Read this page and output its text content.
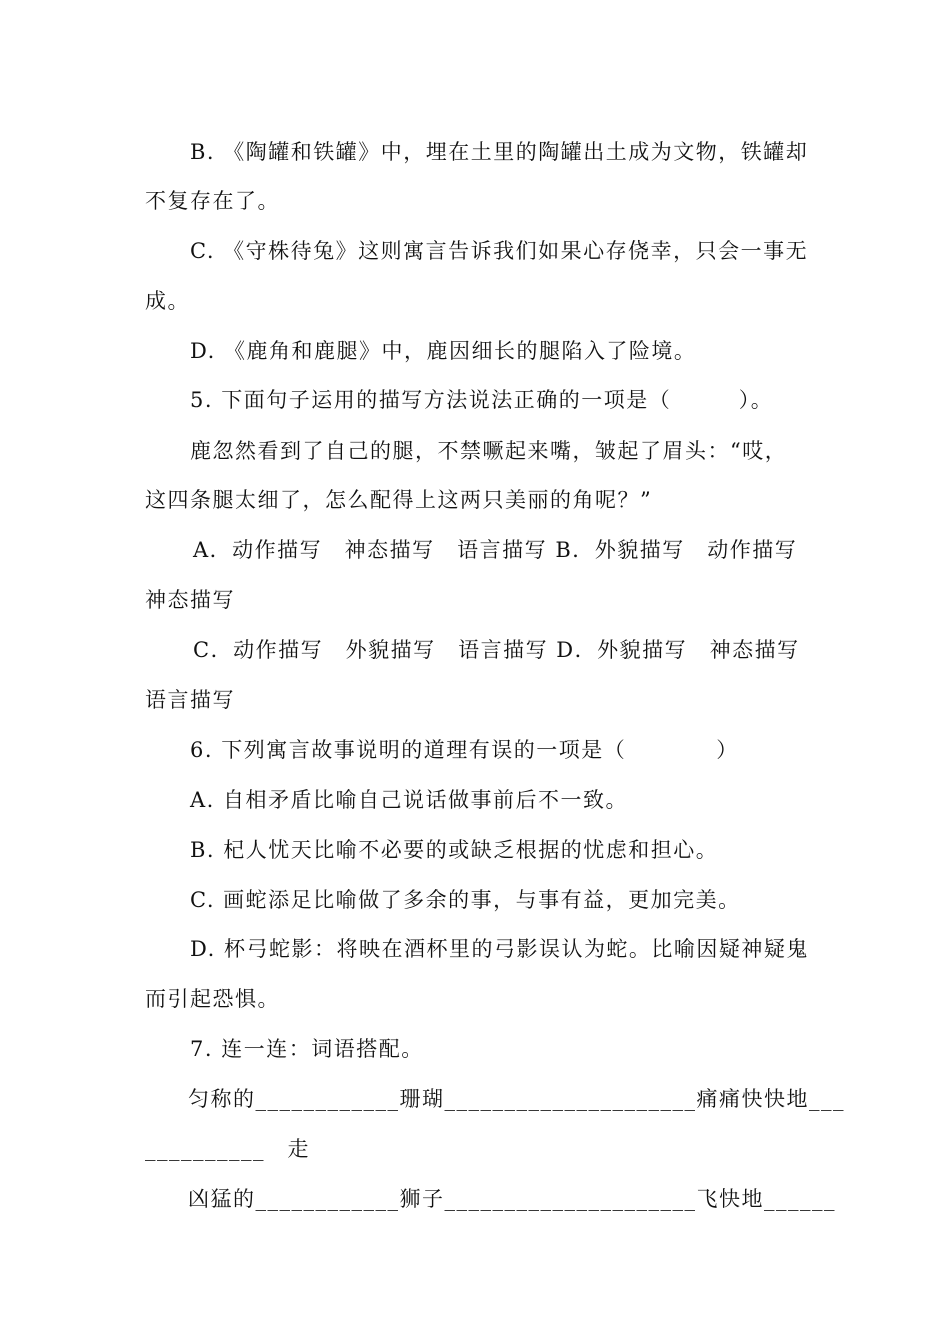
B. 《陶罐和铁罐》中，埋在土里的陶罐出土成为文物，铁罐却
不复存在了。
C. 《守株待兔》这则寓言告诉我们如果心存侥幸，只会一事无
成。
D. 《鹿角和鹿腿》中，鹿因细长的腿陷入了险境。
5. 下面句子运用的描写方法说法正确的一项是（　　　）。
鹿忽然看到了自己的腿，不禁噘起来嘴，皱起了眉头：“哎，
这四条腿太细了，怎么配得上这两只美丽的角呢？”
A．动作描写　神态描写　语言描写 B．外貌描写　动作描写
神态描写
C．动作描写　外貌描写　语言描写 D．外貌描写　神态描写
语言描写
6. 下列寓言故事说明的道理有误的一项是（　　　　）
A. 自相矛盾比喻自己说话做事前后不一致。
B. 杞人忧天比喻不必要的或缺乏根据的忧虑和担心。
C. 画蛇添足比喻做了多余的事，与事有益，更加完美。
D. 杯弓蛇影：将映在酒杯里的弓影误认为蛇。比喻因疑神疑鬼
而引起恐惧。
7. 连一连：词语搭配。
匀称的____________珊瑚_____________________痛痛快快地___
__________　走
凶猛的____________狮子_____________________飞快地______
